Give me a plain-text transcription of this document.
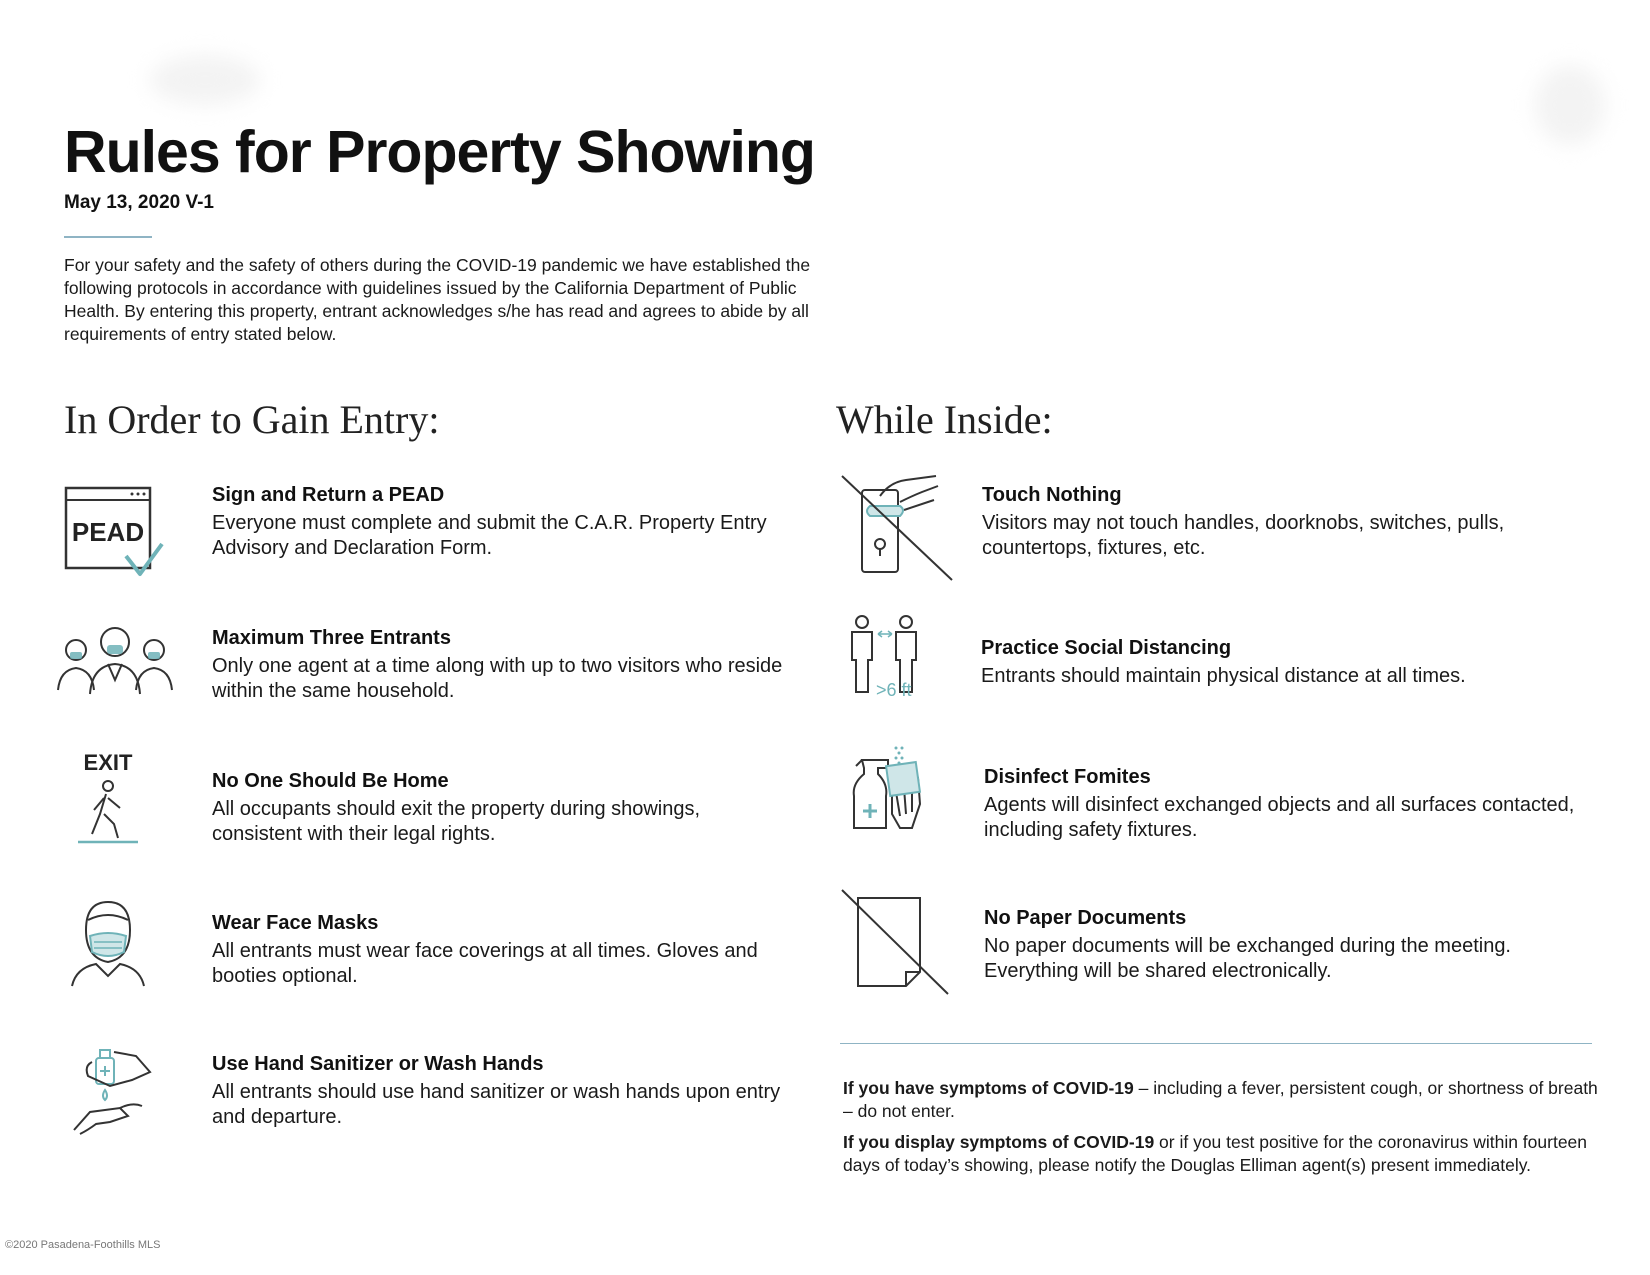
Rules for Property Showing
May 13, 2020 V-1
For your safety and the safety of others during the COVID-19 pandemic we have established the following protocols in accordance with guidelines issued by the California Department of Public Health. By entering this property, entrant acknowledges s/he has read and agrees to abide by all requirements of entry stated below.
In Order to Gain Entry:	While Inside:
PEAD
Sign and Return a PEAD
Everyone must complete and submit the C.A.R. Property Entry Advisory and Declaration Form.
Maximum Three Entrants
Only one agent at a time along with up to two visitors who reside within the same household.
EXIT
No One Should Be Home
All occupants should exit the property during showings, consistent with their legal rights.
Wear Face Masks
All entrants must wear face coverings at all times. Gloves and booties optional.
Use Hand Sanitizer or Wash Hands
All entrants should use hand sanitizer or wash hands upon entry and departure.
Touch Nothing
Visitors may not touch handles, doorknobs, switches, pulls, countertops, fixtures, etc.
>6 ft
Practice Social Distancing
Entrants should maintain physical distance at all times.
Disinfect Fomites
Agents will disinfect exchanged objects and all surfaces contacted, including safety fixtures.
No Paper Documents
No paper documents will be exchanged during the meeting. Everything will be shared electronically.
If you have symptoms of COVID-19 – including a fever, persistent cough, or shortness of breath – do not enter.
If you display symptoms of COVID-19 or if you test positive for the coronavirus within fourteen days of today’s showing, please notify the Douglas Elliman agent(s) present immediately.
©2020 Pasadena-Foothills MLS
